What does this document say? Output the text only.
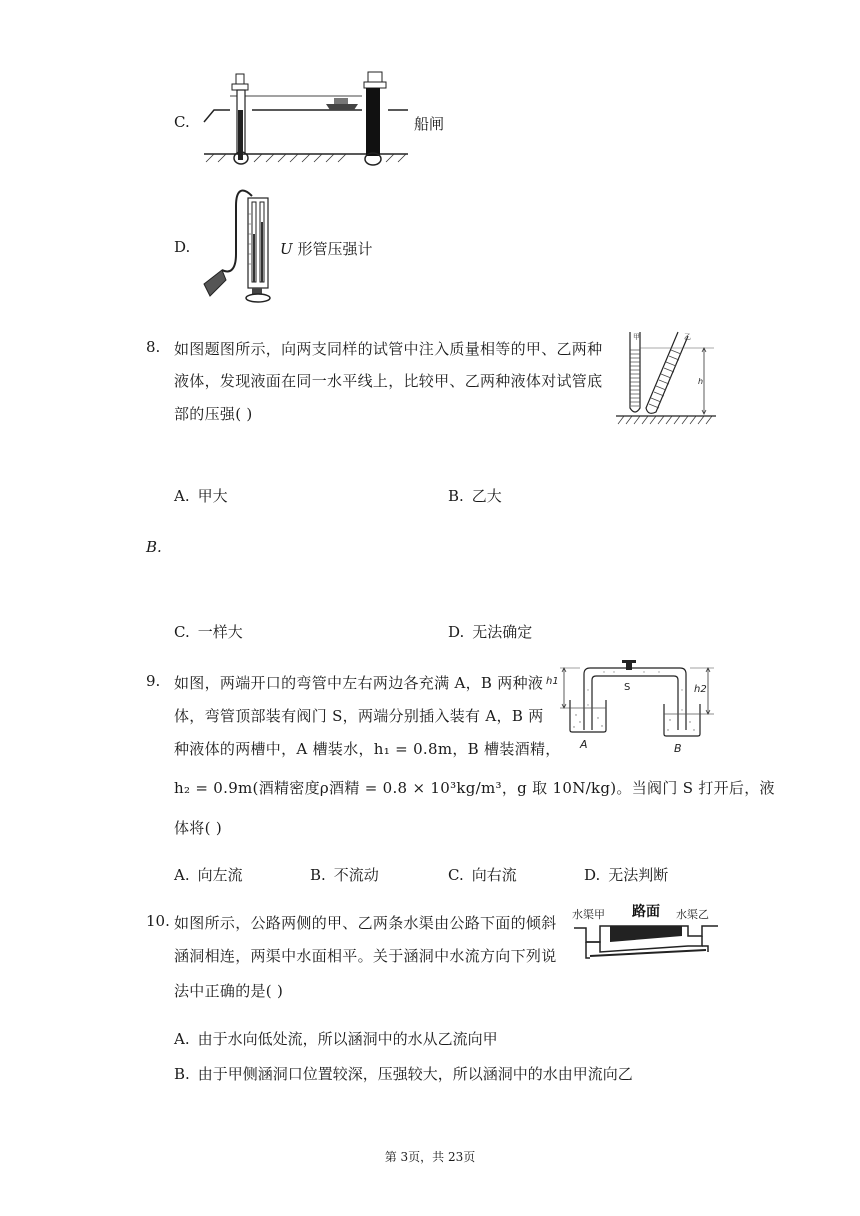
C.	船闸
D.	U 形管压强计
8. 如图题图所示，向两支同样的试管中注入质量相等的甲、乙两种
液体，发现液面在同一水平线上，比较甲、乙两种液体对试管底
部的压强( )
甲	乙
h
A. 甲大	B. 乙大
B.
C. 一样大	D. 无法确定
9. 如图，两端开口的弯管中左右两边各充满 A，B 两种液
体，弯管顶部装有阀门 S，两端分别插入装有 A，B 两
种液体的两槽中，A 槽装水，h₁ = 0.8m，B 槽装酒精，
h₂ = 0.9m(酒精密度ρ酒精 = 0.8 × 10³kg/m³，g 取 10N/kg)。当阀门 S 打开后，液
体将( )
S
A	B
h1
h2
A. 向左流	B. 不流动	C. 向右流	D. 无法判断
10. 如图所示，公路两侧的甲、乙两条水渠由公路下面的倾斜
涵洞相连，两渠中水面相平。关于涵洞中水流方向下列说
法中正确的是( )
水渠甲 路面 水渠乙
A. 由于水向低处流，所以涵洞中的水从乙流向甲
B. 由于甲侧涵洞口位置较深，压强较大，所以涵洞中的水由甲流向乙
第 3页，共 23页
